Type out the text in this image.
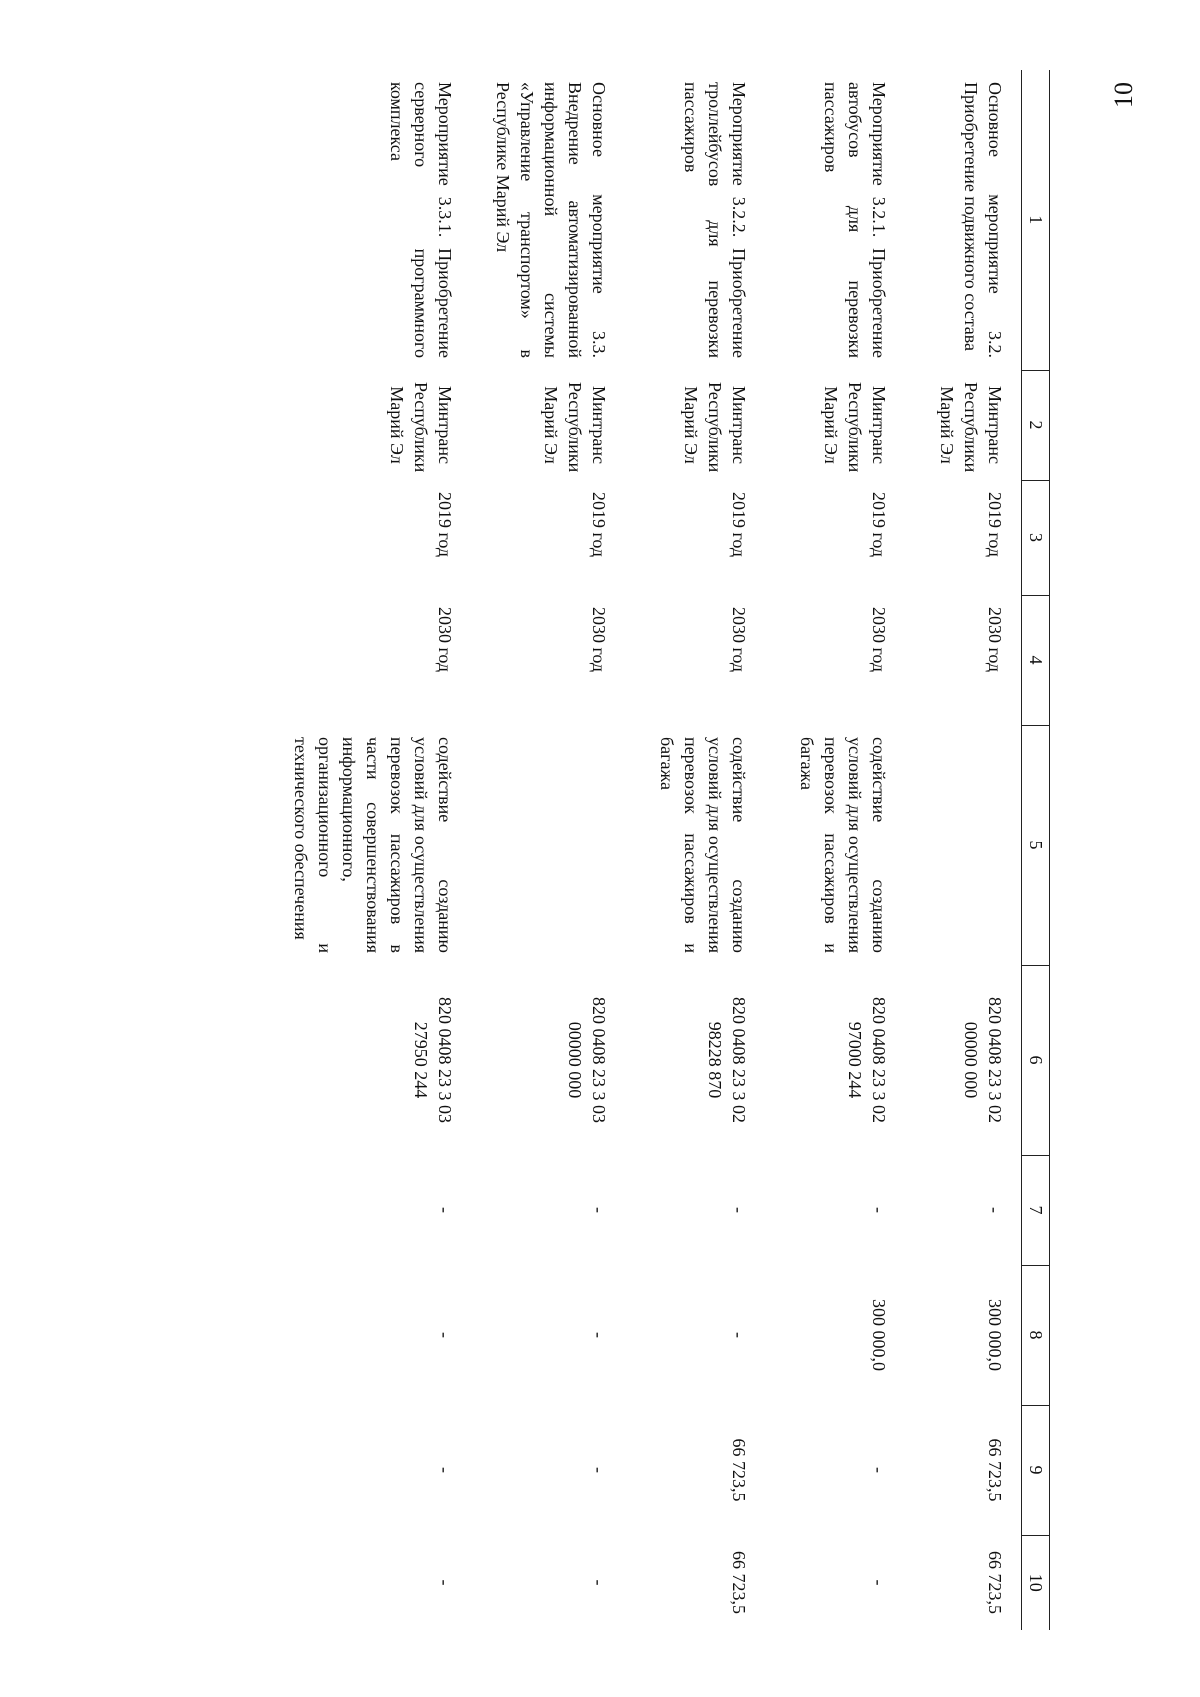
10
1	2	3	4	5	6	7	8	9	10
Основное мероприятие 3.2. Приобретение подвижного состава	Минтранс Республики Марий Эл	2019 год	2030 год		820 0408 23 3 02 00000 000	-	300 000,0	66 723,5	66 723,5
Мероприятие 3.2.1. Приобретение автобусов для перевозки пассажиров	Минтранс Республики Марий Эл	2019 год	2030 год	содействие созданию условий для осуществления перевозок пассажиров и багажа	820 0408 23 3 02 97000 244	-	300 000,0	-	-
Мероприятие 3.2.2. Приобретение троллейбусов для перевозки пассажиров	Минтранс Республики Марий Эл	2019 год	2030 год	содействие созданию условий для осуществления перевозок пассажиров и багажа	820 0408 23 3 02 98228 870	-	-	66 723,5	66 723,5
Основное мероприятие 3.3. Внедрение автоматизированной информационной системы «Управление транспортом» в Республике Марий Эл	Минтранс Республики Марий Эл	2019 год	2030 год		820 0408 23 3 03 00000 000	-	-	-	-
Мероприятие 3.3.1. Приобретение серверного программного комплекса	Минтранс Республики Марий Эл	2019 год	2030 год	содействие созданию условий для осуществления перевозок пассажиров в части совершенствования информационного, организационного и технического обеспечения	820 0408 23 3 03 27950 244	-	-	-	-
